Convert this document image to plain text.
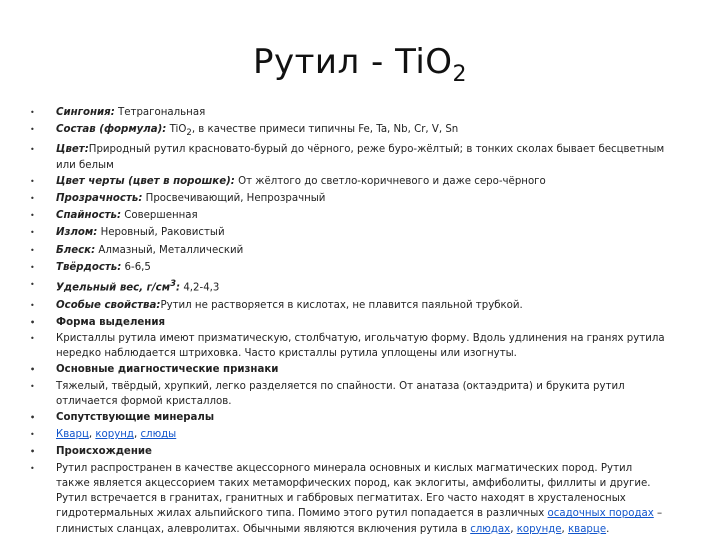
Рутил - TiO$_2$
• Сингония: Тетрагональная
• Состав (формула): TiO$_2$, в качестве примеси типичны Fe, Ta, Nb, Cr, V, Sn
• Цвет:Природный рутил красновато-бурый до чёрного, реже буро-жёлтый; в тонких сколах бывает бесцветным или белым
• Цвет черты (цвет в порошке): От жёлтого до светло-коричневого и даже серо-чёрного
• Прозрачность: Просвечивающий, Непрозрачный
• Спайность: Совершенная
• Излом: Неровный, Раковистый
• Блеск: Алмазный, Металлический
• Твёрдость: 6-6,5
• Удельный вес, $г/см^3$: 4,2-4,3
• Особые свойства:Рутил не растворяется в кислотах, не плавится паяльной трубкой.
• Форма выделения
• Кристаллы рутила имеют призматическую, столбчатую, игольчатую форму. Вдоль удлинения на гранях рутила нередко наблюдается штриховка. Часто кристаллы рутила уплощены или изогнуты.
• Основные диагностические признаки
• Тяжелый, твёрдый, хрупкий, легко разделяется по спайности. От анатаза (октаэдрита) и брукита рутил отличается формой кристаллов.
• Сопутствующие минералы
• Кварц, корунд, слюды
• Происхождение
• Рутил распространен в качестве акцессорного минерала основных и кислых магматических пород. Рутил также является акцессорием таких метаморфических пород, как эклогиты, амфиболиты, филлиты и другие. Рутил встречается в гранитах, гранитных и габбровых пегматитах. Его часто находят в хрусталеносных гидротермальных жилах альпийского типа. Помимо этого рутил попадается в различных осадочных породах – глинистых сланцах, алевролитах. Обычными являются включения рутила в слюдах, корунде, кварце.
